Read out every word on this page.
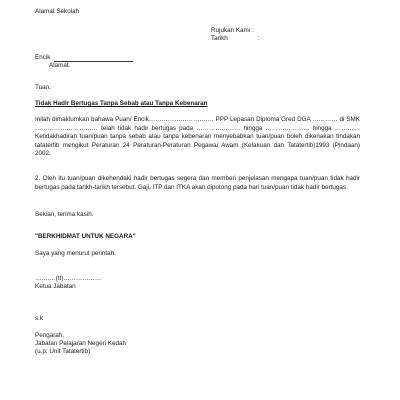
Alamat Sekolah
Rujukan Kami :
Tarikh	:
Encik
Alamat.
Tuan,
Tidak Hadir Bertugas Tanpa Sebab atau Tanpa Kebenaran
Inilah dimaklumkan bahawa Puan/ Encik…………………………, PPP Lepasan Diploma Gred DGA ………… di SMK ………………………… telah tidak hadir bertugas pada ………………… hingga ………………… hingga ………… Ketidakhadiran tuan/puan tanpa sebab atau tanpa kebenaran menyebabkan tuan/puan boleh dikenakan tindakan tatatertib mengikut Peraturan 24 Peraturan-Peraturan Pegawai Awam (Kelakuan dan Tatatertib)1993 (Pindaan) 2002.
2. Oleh itu tuan/puan dikehendaki hadir bertugas segera dan memberi penjelasan mengapa tuan/puan tidak hadir bertugas pada tarikh-tarikh tersebut. Gaji, ITP dan ITKA akan dipotong pada hari tuan/puan tidak hadir bertugas.
Sekian, terima kasih.
"BERKHIDMAT UNTUK NEGARA"
Saya yang menurut perintah,
……….(tt)………………
Ketua Jabatan
s.k
Pengarah,
Jabatan Pelajaran Negeri Kedah
(u.p: Unit Tatatertib)
